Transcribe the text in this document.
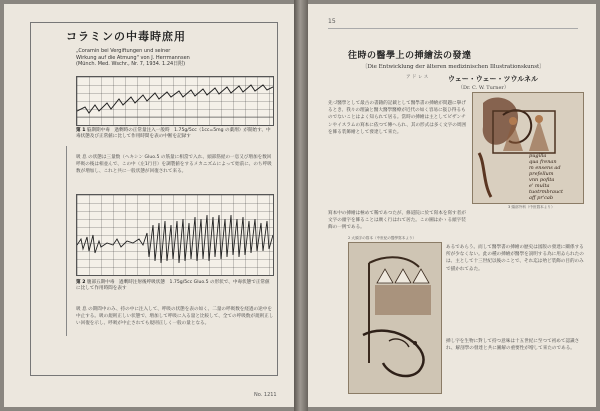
コラミンの中毒時庶用
„Coramin bei Vergiftungen und seiner
Wirkung auf die Atmung" von J. Herrmannsen
(Münch. Med. Wschr., Nr. 7, 1934. 1.24日附)
第 1 脳期期中毒　過剰時の正常量注入一般時　1.75g/5cc（1cc=5mg の薬剤）が開始す、中毒状態及び正常値に比して作用時間を表の中断を記録す
吸 息 の状態は三量数（ヘキシン Gluo.5 の筋量に相當で入れ、頭部筋経の一息又び増加を数回呼吸の後は相並んで、この中（左1行目）を調製値をするメカニズムによって始前に、のち呼吸数が増加し、これと共に一般状態が回復されて来る。
第 2 腹部五期中毒　過剰時注射後呼吸状態　1.75g/5cc Gluo.5 の形状で、中毒状態で正常値に比して作用時間を表す
吸 息 の期間中のみ、持の中に注入して、呼吸の状態を表の如く、二量の呼吸数を経過の途中を中止する。吸の規則正しい状態で、増加して呼吸に入る量と比較して、全ての呼吸数が規則正しい回復を示し、呼吸が中止されても規則正しく一般の量となる。
No. 1211
15
往時の醫學上の挿繪法の發達
〔Die Entwicklung der älteren medizinischen Illustrationskunst〕
ア ド レ ス	ウェー・ウェー・ツウルネル
（Dr. C. W. Turner）
先づ醫學として最古の書籍的記載として醫學書の挿繪が問題に擧げるとき、我々の理論と醫大醫學醫療が近代の如く容易に扱ひ得るものでないことはよく知られて居る。當時の挿繪は主としてビザンチンやイスラムの寫本に依つて傳へられ、其の形式は多く文字の周囲を飾る装飾繪として發達して來た。
寫本中の挿繪は極めて稀であつたが、修道院に於て寫本を寫す者が文字の頭字を飾ることは廣く行はれて居た。この圖はかゝる頭字装飾の一例である。
pugilla
qua frenan
m ensens ad
prefellum
vnn pofita
e' multa
tuotrmbrauct
aff pr'cab
3 頭部外科（中世寫本より）
2 大頭字の寫本（中世紀の醫學寫本より）
あるであらう。而して醫學書の挿繪の歴史は図版の發達に關係する所が少なくない。此の種の挿繪が醫學を説明する為に用ゐられたのは、主として十三世紀以後のことで、それ迄は殆ど装飾の目的のみで描かれてゐた。
挿し字を生物に對して持つ意味は十五世紀に至つて初めて認識され、解剖學の發達と共に圖解の重要性が増して來たのである。
